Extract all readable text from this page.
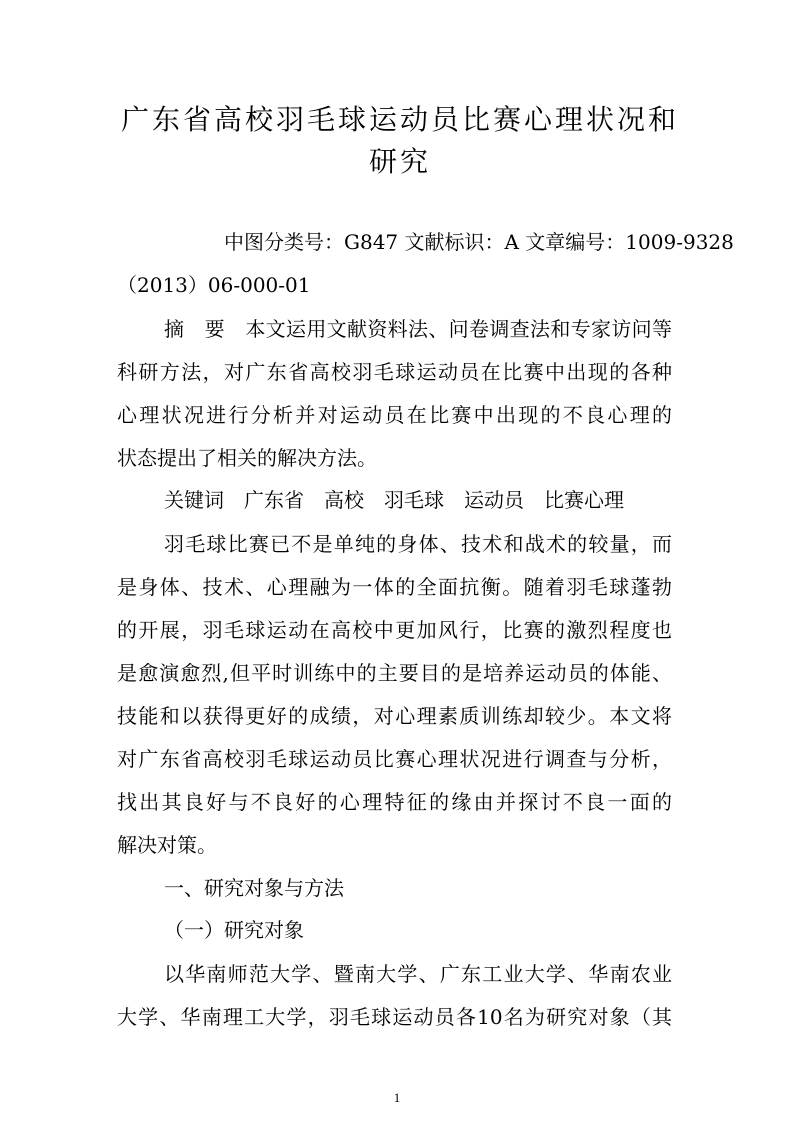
广东省高校羽毛球运动员比赛心理状况和
研究
中图分类号：G847 文献标识：A 文章编号：1009-9328
（2013）06-000-01
摘　要　本文运用文献资料法、问卷调查法和专家访问等
科研方法，对广东省高校羽毛球运动员在比赛中出现的各种
心理状况进行分析并对运动员在比赛中出现的不良心理的
状态提出了相关的解决方法。
关键词　广东省　高校　羽毛球　运动员　比赛心理
羽毛球比赛已不是单纯的身体、技术和战术的较量，而
是身体、技术、心理融为一体的全面抗衡。随着羽毛球蓬勃
的开展，羽毛球运动在高校中更加风行，比赛的激烈程度也
是愈演愈烈,但平时训练中的主要目的是培养运动员的体能、
技能和以获得更好的成绩，对心理素质训练却较少。本文将
对广东省高校羽毛球运动员比赛心理状况进行调查与分析，
找出其良好与不良好的心理特征的缘由并探讨不良一面的
解决对策。
一、研究对象与方法
（一）研究对象
以华南师范大学、暨南大学、广东工业大学、华南农业
大学、华南理工大学，羽毛球运动员各10名为研究对象（其
1
